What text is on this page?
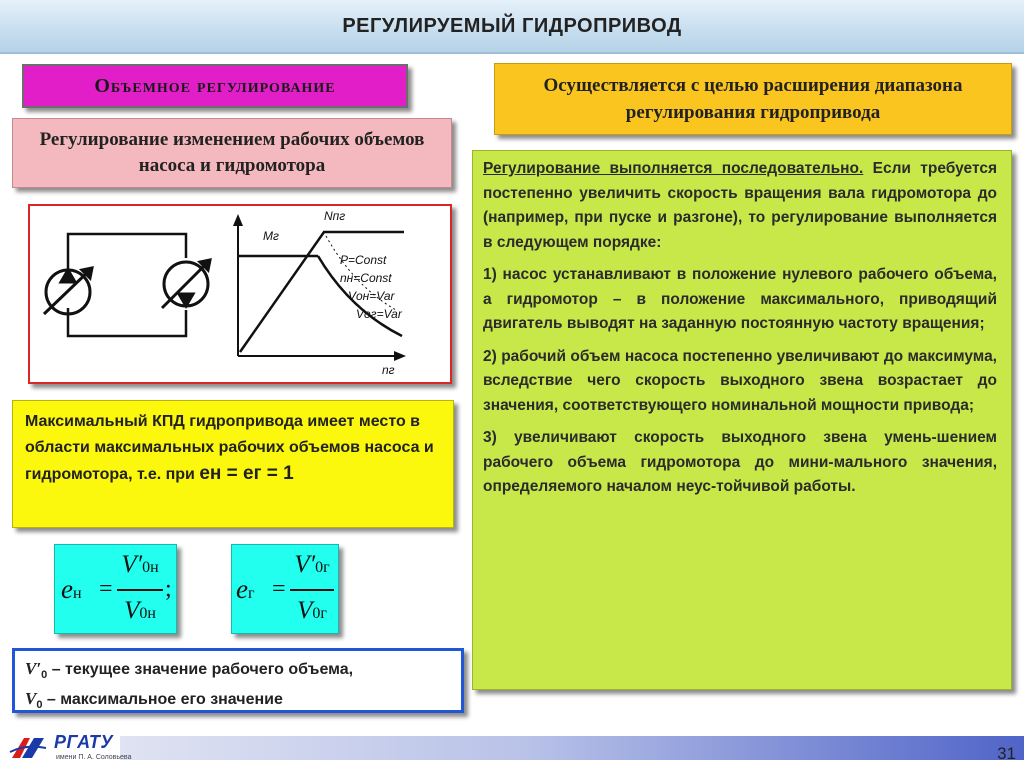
РЕГУЛИРУЕМЫЙ ГИДРОПРИВОД
Объемное регулирование
Регулирование изменением рабочих объемов насоса и гидромотора
Осуществляется с целью расширения диапазона регулирования гидропривода
Mг
Nпг
nг
P=Const
nн=Const
Vон=Var
Vог=Var
Максимальный КПД гидропривода имеет место в области максимальных рабочих объемов насоса и гидромотора, т.е. при eн = eг = 1
eн =
V′0н
V0н
; eг =
V′0г
V0г
$V'_0$ – текущее значение рабочего объема,
$V_0$ – максимальное его значение

Регулирование выполняется последовательно. Если требуется постепенно увеличить скорость вращения вала гидромотора до (например, при пуске и разгоне), то регулирование выполняется в следующем порядке:

1) насос устанавливают в положение нулевого рабочего объема, а гидромотор – в положение максимального, приводящий двигатель выводят на заданную постоянную частоту вращения;

2) рабочий объем насоса постепенно увеличивают до максимума, вследствие чего скорость выходного звена возрастает до значения, соответствующего номинальной мощности привода;

3) увеличивают скорость выходного звена умень-шением рабочего объема гидромотора до мини-мального значения, определяемого началом неус-тойчивой работы.

РГАТУ
имени П. А. Соловьева	31
